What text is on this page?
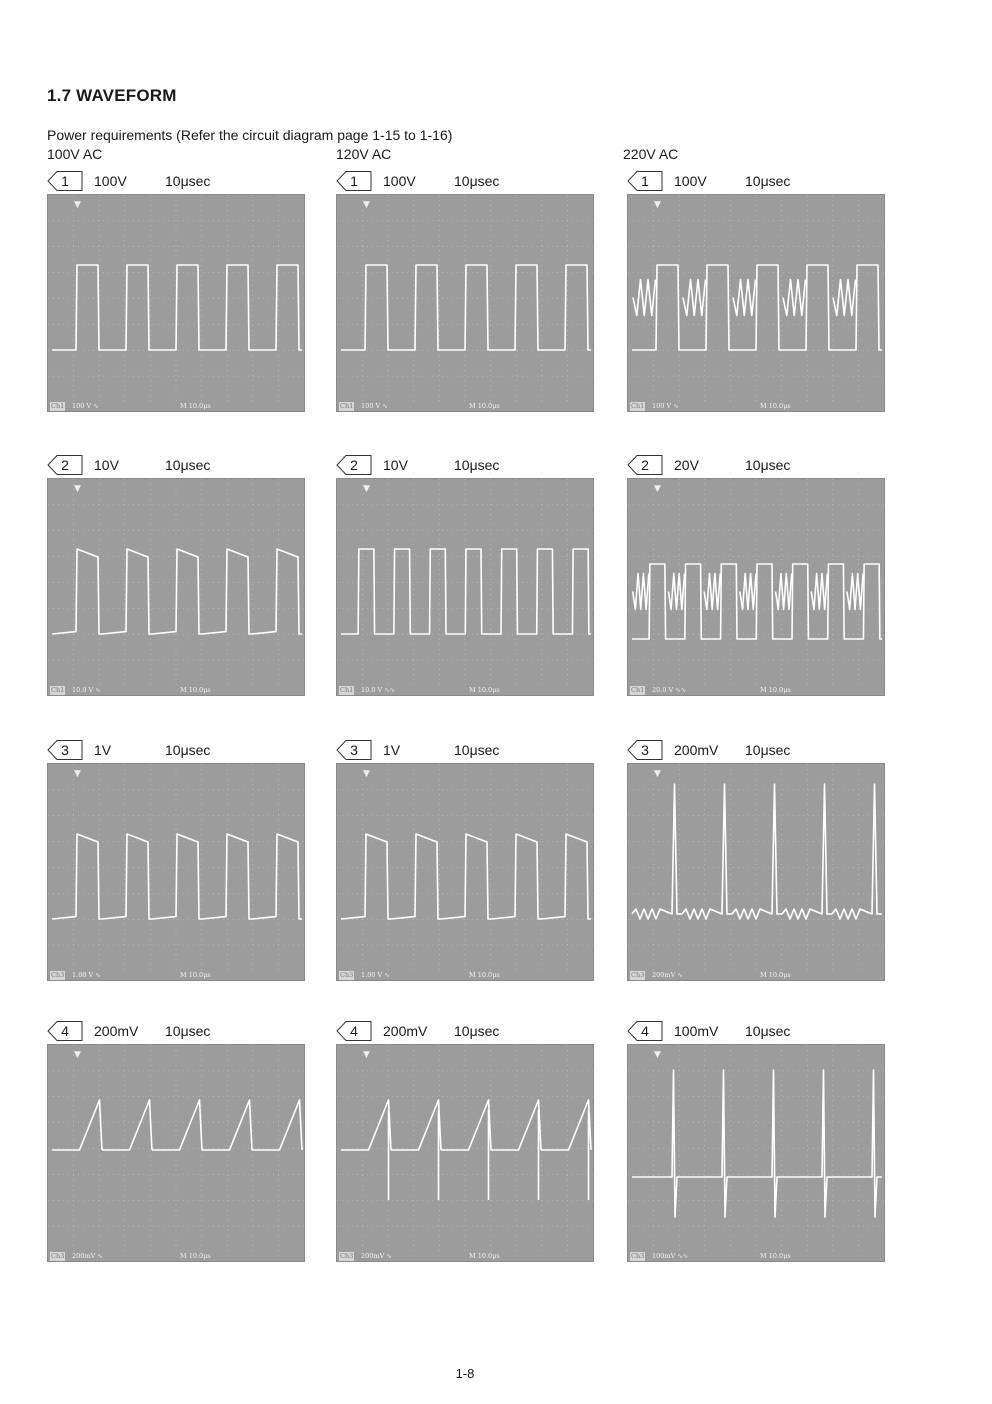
1.7 WAVEFORM
Power requirements (Refer the circuit diagram page 1-15 to 1-16)
100V AC	120V AC	220V AC
1	100V	10μsec
▼
Ch1 100 V ∿	M 10.0μs
1	100V	10μsec
▼
Ch1 100 V ∿	M 10.0μs
1	100V	10μsec
▼
Ch1 100 V ∿	M 10.0μs
2	10V	10μsec
▼
Ch1 10.0 V ∿	M 10.0μs
2	10V	10μsec
▼
Ch1 10.0 V ∿∿	M 10.0μs
2	20V	10μsec
▼
Ch1 20.0 V ∿∿	M 10.0μs
3	1V	10μsec
▼
Ch3 1.00 V ∿	M 10.0μs
3	1V	10μsec
▼
Ch3 1.00 V ∿	M 10.0μs
3	200mV 10μsec
▼
Ch3 200mV ∿	M 10.0μs
4	200mV 10μsec
▼
Ch3 200mV ∿	M 10.0μs
4	200mV 10μsec
▼
Ch3 200mV ∿	M 10.0μs
4	100mV 10μsec
▼
Ch3 100mV ∿∿	M 10.0μs
1-8
